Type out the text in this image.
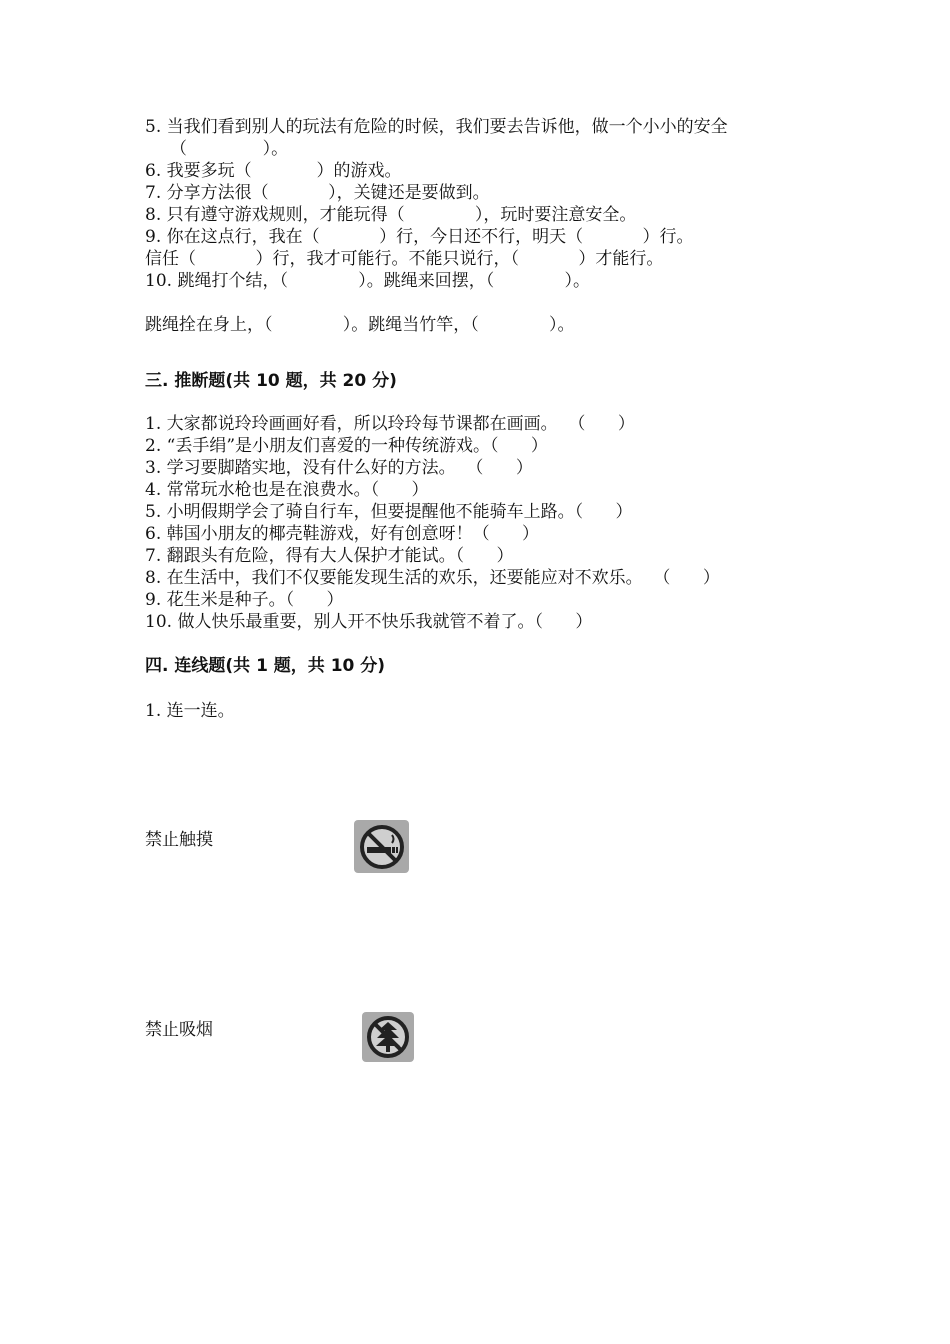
5. 当我们看到别人的玩法有危险的时候，我们要去告诉他，做一个小小的安全
（              ）。
6. 我要多玩（            ）的游戏。
7. 分享方法很（           ），关键还是要做到。
8. 只有遵守游戏规则，才能玩得（             ），玩时要注意安全。
9. 你在这点行，我在（           ）行，今日还不行，明天（           ）行。
信任（           ）行，我才可能行。不能只说行，（           ）才能行。
10. 跳绳打个结，（             ）。跳绳来回摆，（             ）。
跳绳拴在身上，（             ）。跳绳当竹竿，（             ）。
三. 推断题(共 10 题，共 20 分)
1. 大家都说玲玲画画好看，所以玲玲每节课都在画画。  （      ）
2. “丢手绢”是小朋友们喜爱的一种传统游戏。（      ）
3. 学习要脚踏实地，没有什么好的方法。  （      ）
4. 常常玩水枪也是在浪费水。（      ）
5. 小明假期学会了骑自行车，但要提醒他不能骑车上路。（      ）
6. 韩国小朋友的椰壳鞋游戏，好有创意呀！（      ）
7. 翻跟头有危险，得有大人保护才能试。（      ）
8. 在生活中，我们不仅要能发现生活的欢乐，还要能应对不欢乐。  （      ）
9. 花生米是种子。（      ）
10. 做人快乐最重要，别人开不快乐我就管不着了。（      ）
四. 连线题(共 1 题，共 10 分)
1. 连一连。
禁止触摸
禁止吸烟
